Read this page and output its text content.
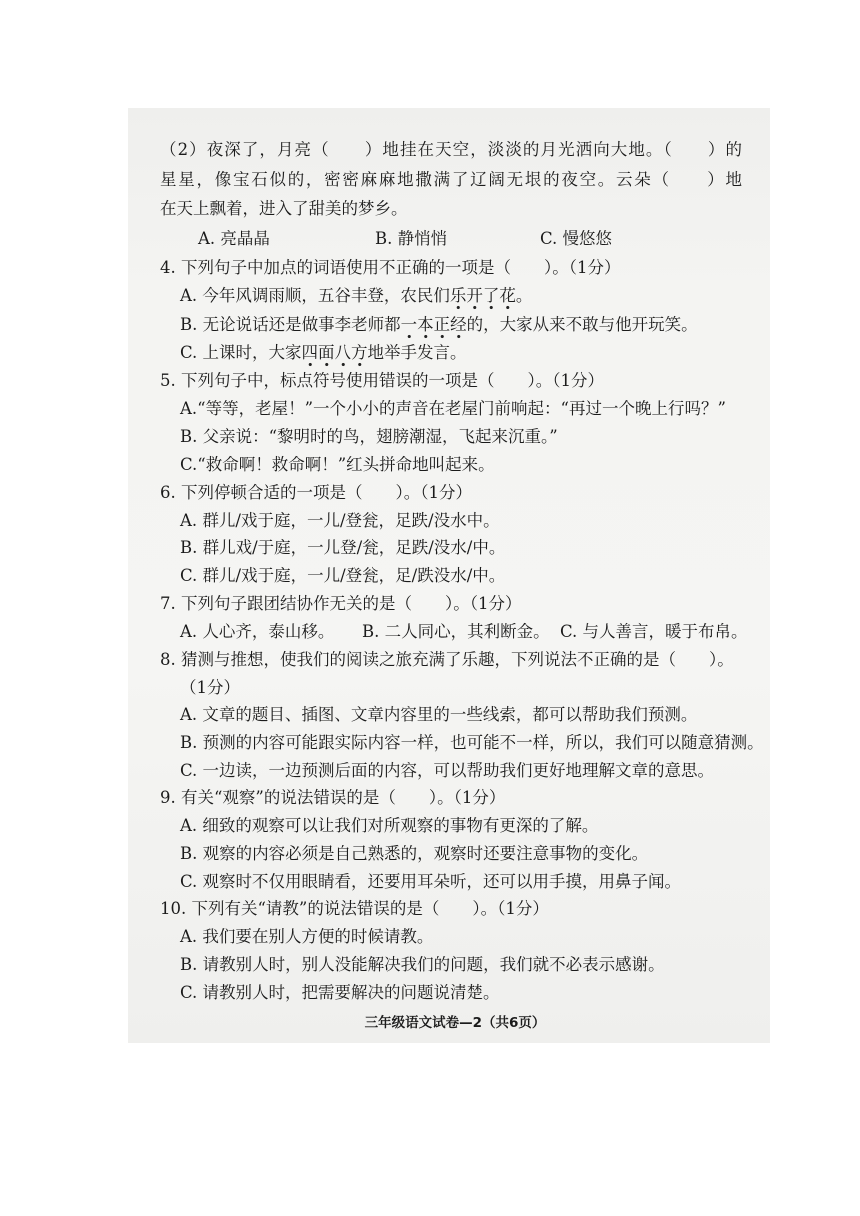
（2）夜深了，月亮（　　）地挂在天空，淡淡的月光洒向大地。（　　）的
星星，像宝石似的，密密麻麻地撒满了辽阔无垠的夜空。云朵（　　）地
在天上飘着，进入了甜美的梦乡。
A. 亮晶晶	B. 静悄悄	C. 慢悠悠
4. 下列句子中加点的词语使用不正确的一项是（　　）。（1分）
A. 今年风调雨顺，五谷丰登，农民们乐开了花。
B. 无论说话还是做事李老师都一本正经的，大家从来不敢与他开玩笑。
C. 上课时，大家四面八方地举手发言。
5. 下列句子中，标点符号使用错误的一项是（　　）。（1分）
A.“等等，老屋！”一个小小的声音在老屋门前响起：“再过一个晚上行吗？”
B. 父亲说：“黎明时的鸟，翅膀潮湿，飞起来沉重。”
C.“救命啊！救命啊！”红头拼命地叫起来。
6. 下列停顿合适的一项是（　　）。（1分）
A. 群儿/戏于庭，一儿/登瓮，足跌/没水中。
B. 群儿戏/于庭，一儿登/瓮，足跌/没水/中。
C. 群儿/戏于庭，一儿/登瓮，足/跌没水/中。
7. 下列句子跟团结协作无关的是（　　）。（1分）
A. 人心齐，泰山移。 B. 二人同心，其利断金。 C. 与人善言，暖于布帛。
8. 猜测与推想，使我们的阅读之旅充满了乐趣，下列说法不正确的是（　　）。
（1分）
A. 文章的题目、插图、文章内容里的一些线索，都可以帮助我们预测。
B. 预测的内容可能跟实际内容一样，也可能不一样，所以，我们可以随意猜测。
C. 一边读，一边预测后面的内容，可以帮助我们更好地理解文章的意思。
9. 有关“观察”的说法错误的是（　　）。（1分）
A. 细致的观察可以让我们对所观察的事物有更深的了解。
B. 观察的内容必须是自己熟悉的，观察时还要注意事物的变化。
C. 观察时不仅用眼睛看，还要用耳朵听，还可以用手摸，用鼻子闻。
10. 下列有关“请教”的说法错误的是（　　）。（1分）
A. 我们要在别人方便的时候请教。
B. 请教别人时，别人没能解决我们的问题，我们就不必表示感谢。
C. 请教别人时，把需要解决的问题说清楚。
三年级语文试卷—2（共6页）
